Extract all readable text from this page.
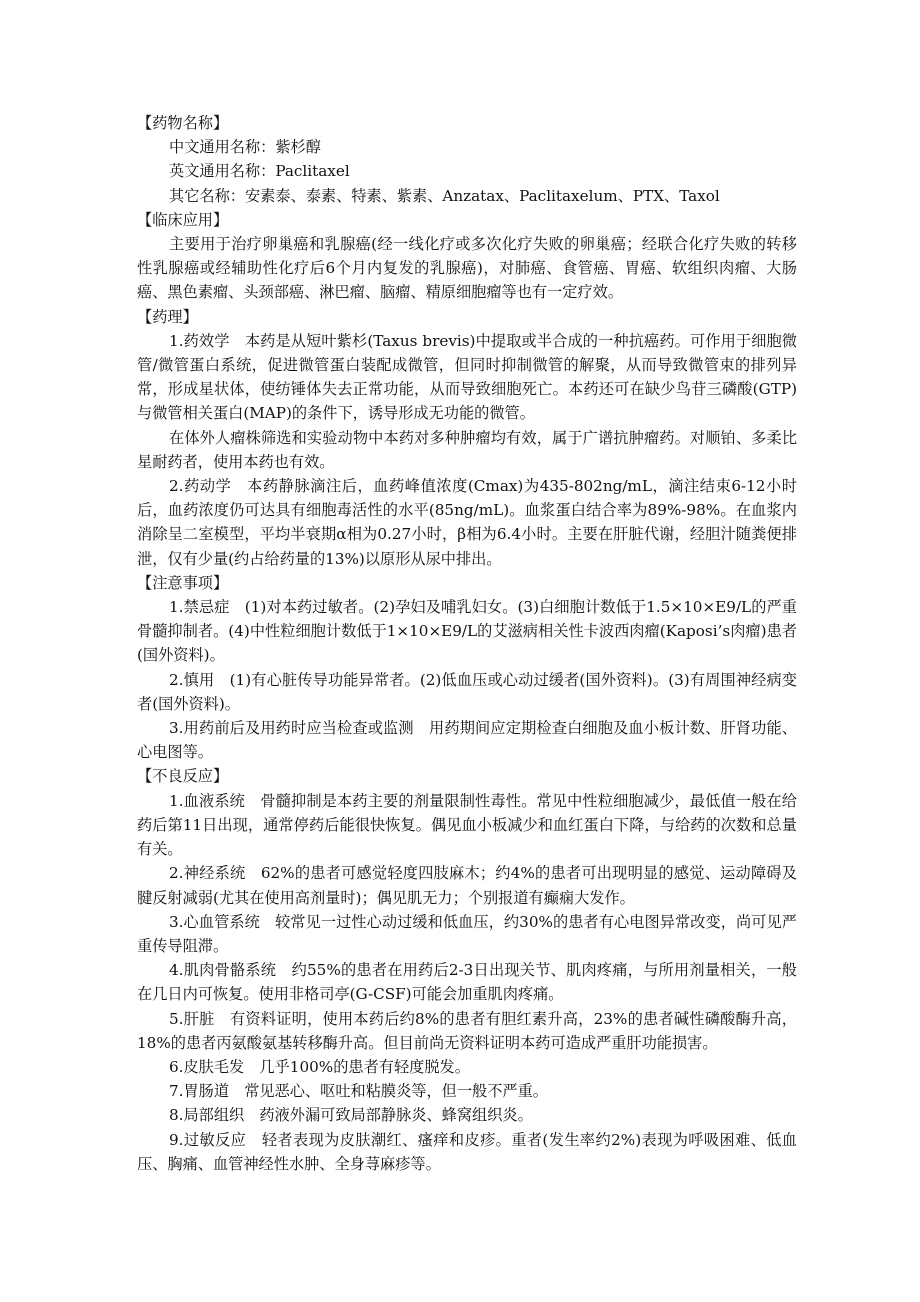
【药物名称】
中文通用名称：紫杉醇
英文通用名称：Paclitaxel
其它名称：安素泰、泰素、特素、紫素、Anzatax、Paclitaxelum、PTX、Taxol
【临床应用】
主要用于治疗卵巢癌和乳腺癌(经一线化疗或多次化疗失败的卵巢癌；经联合化疗失败的转移性乳腺癌或经辅助性化疗后6个月内复发的乳腺癌)，对肺癌、食管癌、胃癌、软组织肉瘤、大肠癌、黑色素瘤、头颈部癌、淋巴瘤、脑瘤、精原细胞瘤等也有一定疗效。
【药理】
1.药效学　本药是从短叶紫杉(Taxus brevis)中提取或半合成的一种抗癌药。可作用于细胞微管/微管蛋白系统，促进微管蛋白装配成微管，但同时抑制微管的解聚，从而导致微管束的排列异常，形成星状体，使纺锤体失去正常功能，从而导致细胞死亡。本药还可在缺少鸟苷三磷酸(GTP)与微管相关蛋白(MAP)的条件下，诱导形成无功能的微管。
在体外人瘤株筛选和实验动物中本药对多种肿瘤均有效，属于广谱抗肿瘤药。对顺铂、多柔比星耐药者，使用本药也有效。
2.药动学　本药静脉滴注后，血药峰值浓度(Cmax)为435-802ng/mL，滴注结束6-12小时后，血药浓度仍可达具有细胞毒活性的水平(85ng/mL)。血浆蛋白结合率为89%-98%。在血浆内消除呈二室模型，平均半衰期α相为0.27小时，β相为6.4小时。主要在肝脏代谢，经胆汁随粪便排泄，仅有少量(约占给药量的13%)以原形从尿中排出。
【注意事项】
1.禁忌症　(1)对本药过敏者。(2)孕妇及哺乳妇女。(3)白细胞计数低于1.5×10×E9/L的严重骨髓抑制者。(4)中性粒细胞计数低于1×10×E9/L的艾滋病相关性卡波西肉瘤(Kaposi’s肉瘤)患者(国外资料)。
2.慎用　(1)有心脏传导功能异常者。(2)低血压或心动过缓者(国外资料)。(3)有周围神经病变者(国外资料)。
3.用药前后及用药时应当检查或监测　用药期间应定期检查白细胞及血小板计数、肝肾功能、心电图等。
【不良反应】
1.血液系统　骨髓抑制是本药主要的剂量限制性毒性。常见中性粒细胞减少，最低值一般在给药后第11日出现，通常停药后能很快恢复。偶见血小板减少和血红蛋白下降，与给药的次数和总量有关。
2.神经系统　62%的患者可感觉轻度四肢麻木；约4%的患者可出现明显的感觉、运动障碍及腱反射减弱(尤其在使用高剂量时)；偶见肌无力；个别报道有癫痫大发作。
3.心血管系统　较常见一过性心动过缓和低血压，约30%的患者有心电图异常改变，尚可见严重传导阻滞。
4.肌肉骨骼系统　约55%的患者在用药后2-3日出现关节、肌肉疼痛，与所用剂量相关，一般在几日内可恢复。使用非格司亭(G-CSF)可能会加重肌肉疼痛。
5.肝脏　有资料证明，使用本药后约8%的患者有胆红素升高，23%的患者碱性磷酸酶升高，18%的患者丙氨酸氨基转移酶升高。但目前尚无资料证明本药可造成严重肝功能损害。
6.皮肤毛发　几乎100%的患者有轻度脱发。
7.胃肠道　常见恶心、呕吐和粘膜炎等，但一般不严重。
8.局部组织　药液外漏可致局部静脉炎、蜂窝组织炎。
9.过敏反应　轻者表现为皮肤潮红、瘙痒和皮疹。重者(发生率约2%)表现为呼吸困难、低血压、胸痛、血管神经性水肿、全身荨麻疹等。
